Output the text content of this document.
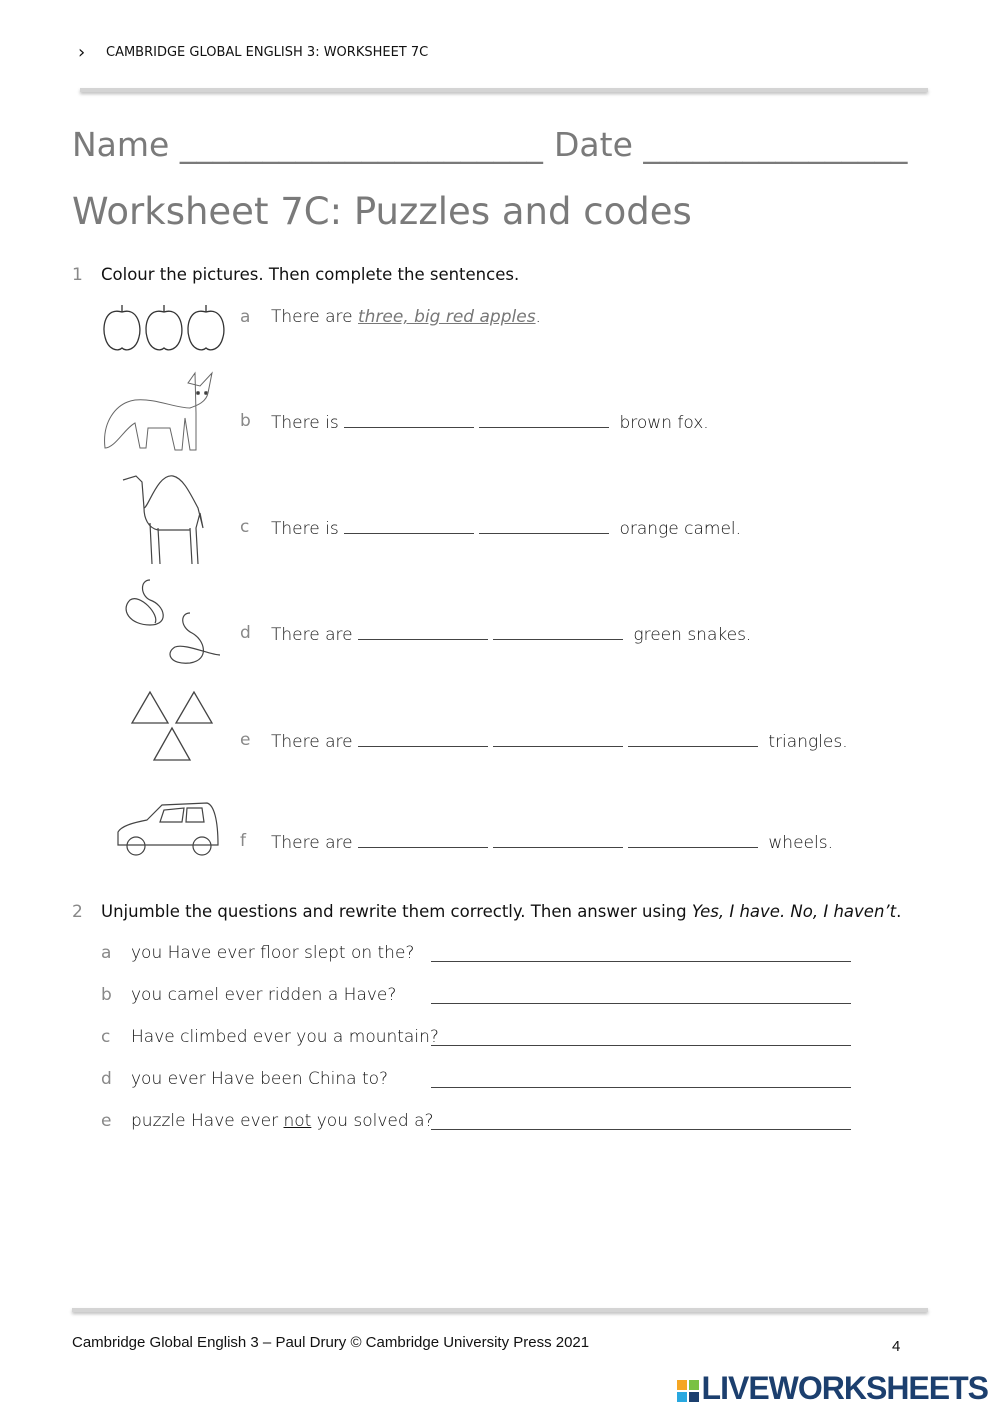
› CAMBRIDGE GLOBAL ENGLISH 3: WORKSHEET 7C
Name ______________________ Date ________________
Worksheet 7C: Puzzles and codes
1 Colour the pictures. Then complete the sentences.
2 Unjumble the questions and rewrite them correctly. Then answer using Yes, I have. No, I haven’t.
Cambridge Global English 3 – Paul Drury © Cambridge University Press 2021	4
LIVEWORKSHEETS
a There are three, big red apples.
b There is	brown fox.
c There is	orange camel.
d There are	green snakes.
e There are	triangles.
f There are	wheels.
a you Have ever floor slept on the?
b you camel ever ridden a Have?
c Have climbed ever you a mountain?
d you ever Have been China to?
e puzzle Have ever not you solved a?
